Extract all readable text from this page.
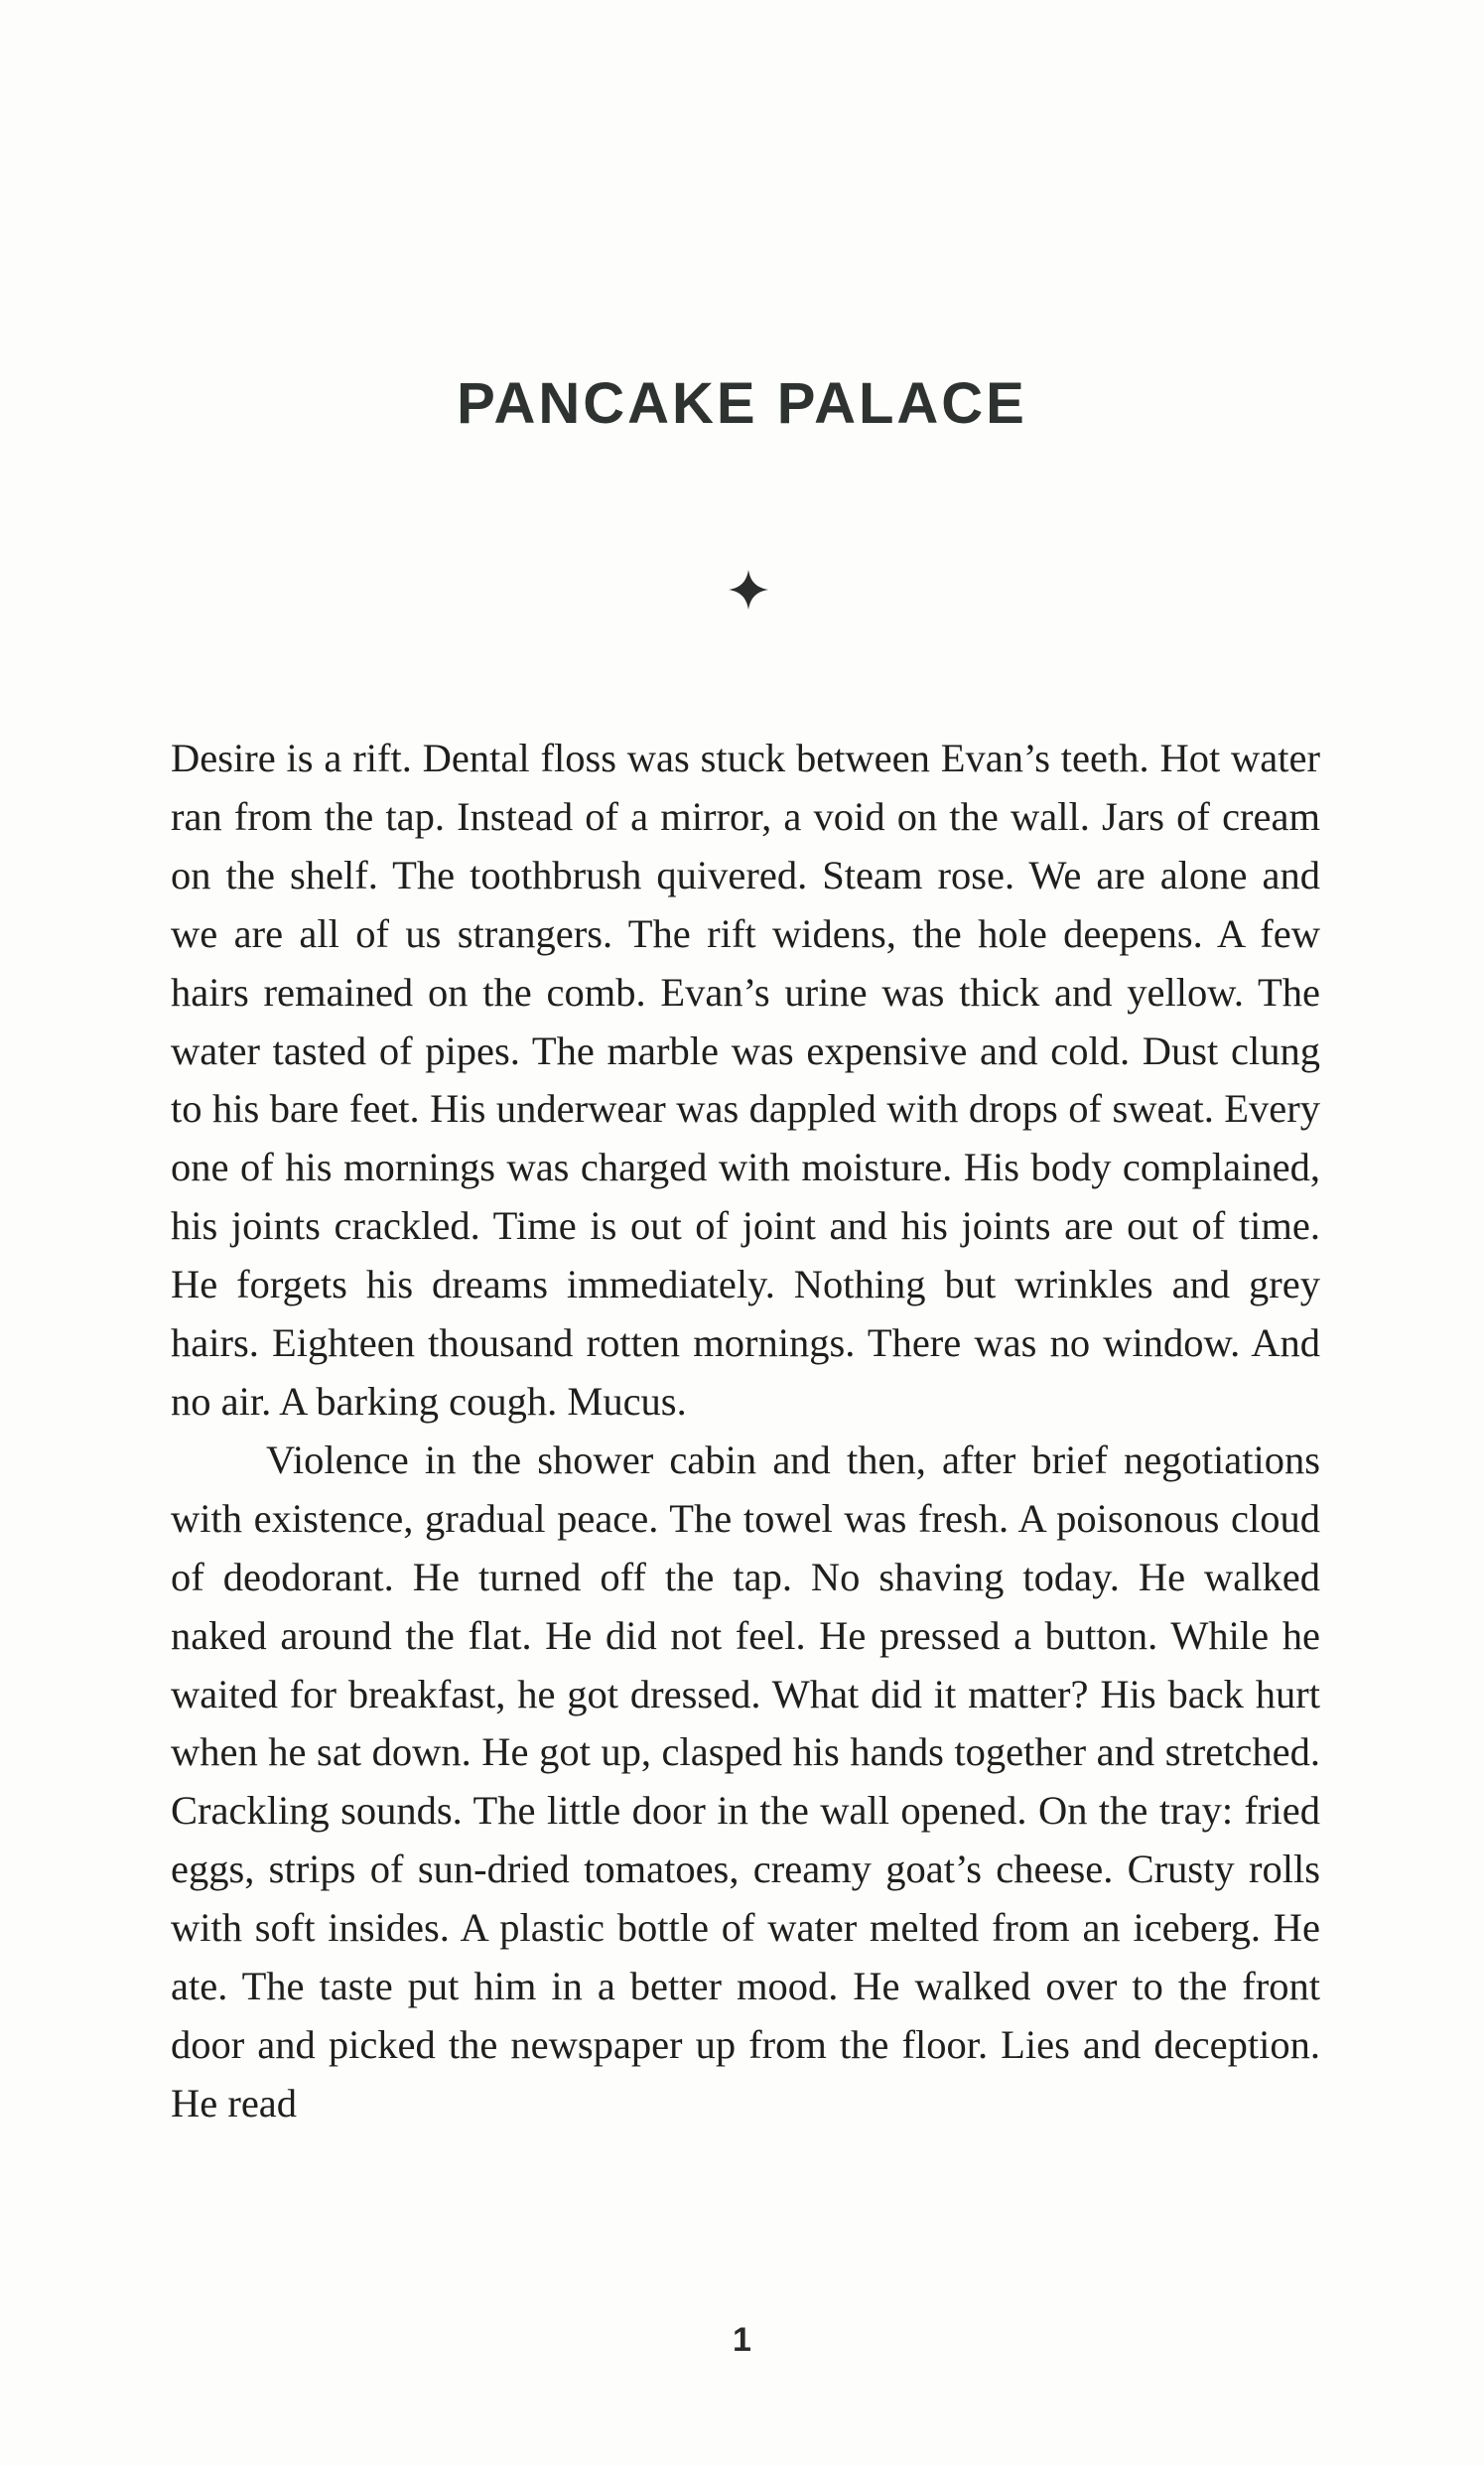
PANCAKE PALACE

Desire is a rift. Dental floss was stuck between Evan’s teeth. Hot water ran from the tap. Instead of a mirror, a void on the wall. Jars of cream on the shelf. The toothbrush quivered. Steam rose. We are alone and we are all of us strangers. The rift widens, the hole deepens. A few hairs remained on the comb. Evan’s urine was thick and yellow. The water tasted of pipes. The marble was expensive and cold. Dust clung to his bare feet. His underwear was dappled with drops of sweat. Every one of his mornings was charged with moisture. His body complained, his joints crackled. Time is out of joint and his joints are out of time. He forgets his dreams immediately. Nothing but wrinkles and grey hairs. Eighteen thousand rotten mornings. There was no window. And no air. A barking cough. Mucus.

Violence in the shower cabin and then, after brief negotiations with existence, gradual peace. The towel was fresh. A poisonous cloud of deodorant. He turned off the tap. No shaving today. He walked naked around the flat. He did not feel. He pressed a button. While he waited for breakfast, he got dressed. What did it matter? His back hurt when he sat down. He got up, clasped his hands together and stretched. Crackling sounds. The little door in the wall opened. On the tray: fried eggs, strips of sun-dried tomatoes, creamy goat’s cheese. Crusty rolls with soft insides. A plastic bottle of water melted from an iceberg. He ate. The taste put him in a better mood. He walked over to the front door and picked the newspaper up from the floor. Lies and deception. He read

1
